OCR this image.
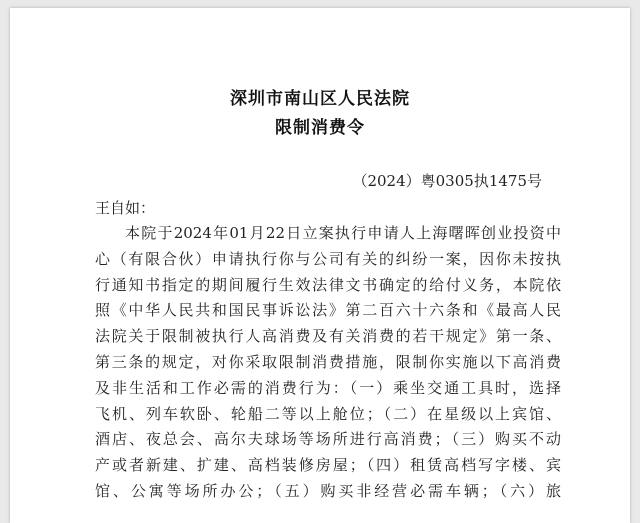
深圳市南山区人民法院
限制消费令
（2024）粤0305执1475号
王自如：
本院于2024年01月22日立案执行申请人上海曙晖创业投资中
心（有限合伙）申请执行你与公司有关的纠纷一案，因你未按执
行通知书指定的期间履行生效法律文书确定的给付义务，本院依
照《中华人民共和国民事诉讼法》第二百六十六条和《最高人民
法院关于限制被执行人高消费及有关消费的若干规定》第一条、
第三条的规定，对你采取限制消费措施，限制你实施以下高消费
及非生活和工作必需的消费行为：（一）乘坐交通工具时，选择
飞机、列车软卧、轮船二等以上舱位；（二）在星级以上宾馆、
酒店、夜总会、高尔夫球场等场所进行高消费；（三）购买不动
产或者新建、扩建、高档装修房屋；（四）租赁高档写字楼、宾
馆、公寓等场所办公；（五）购买非经营必需车辆；（六）旅
